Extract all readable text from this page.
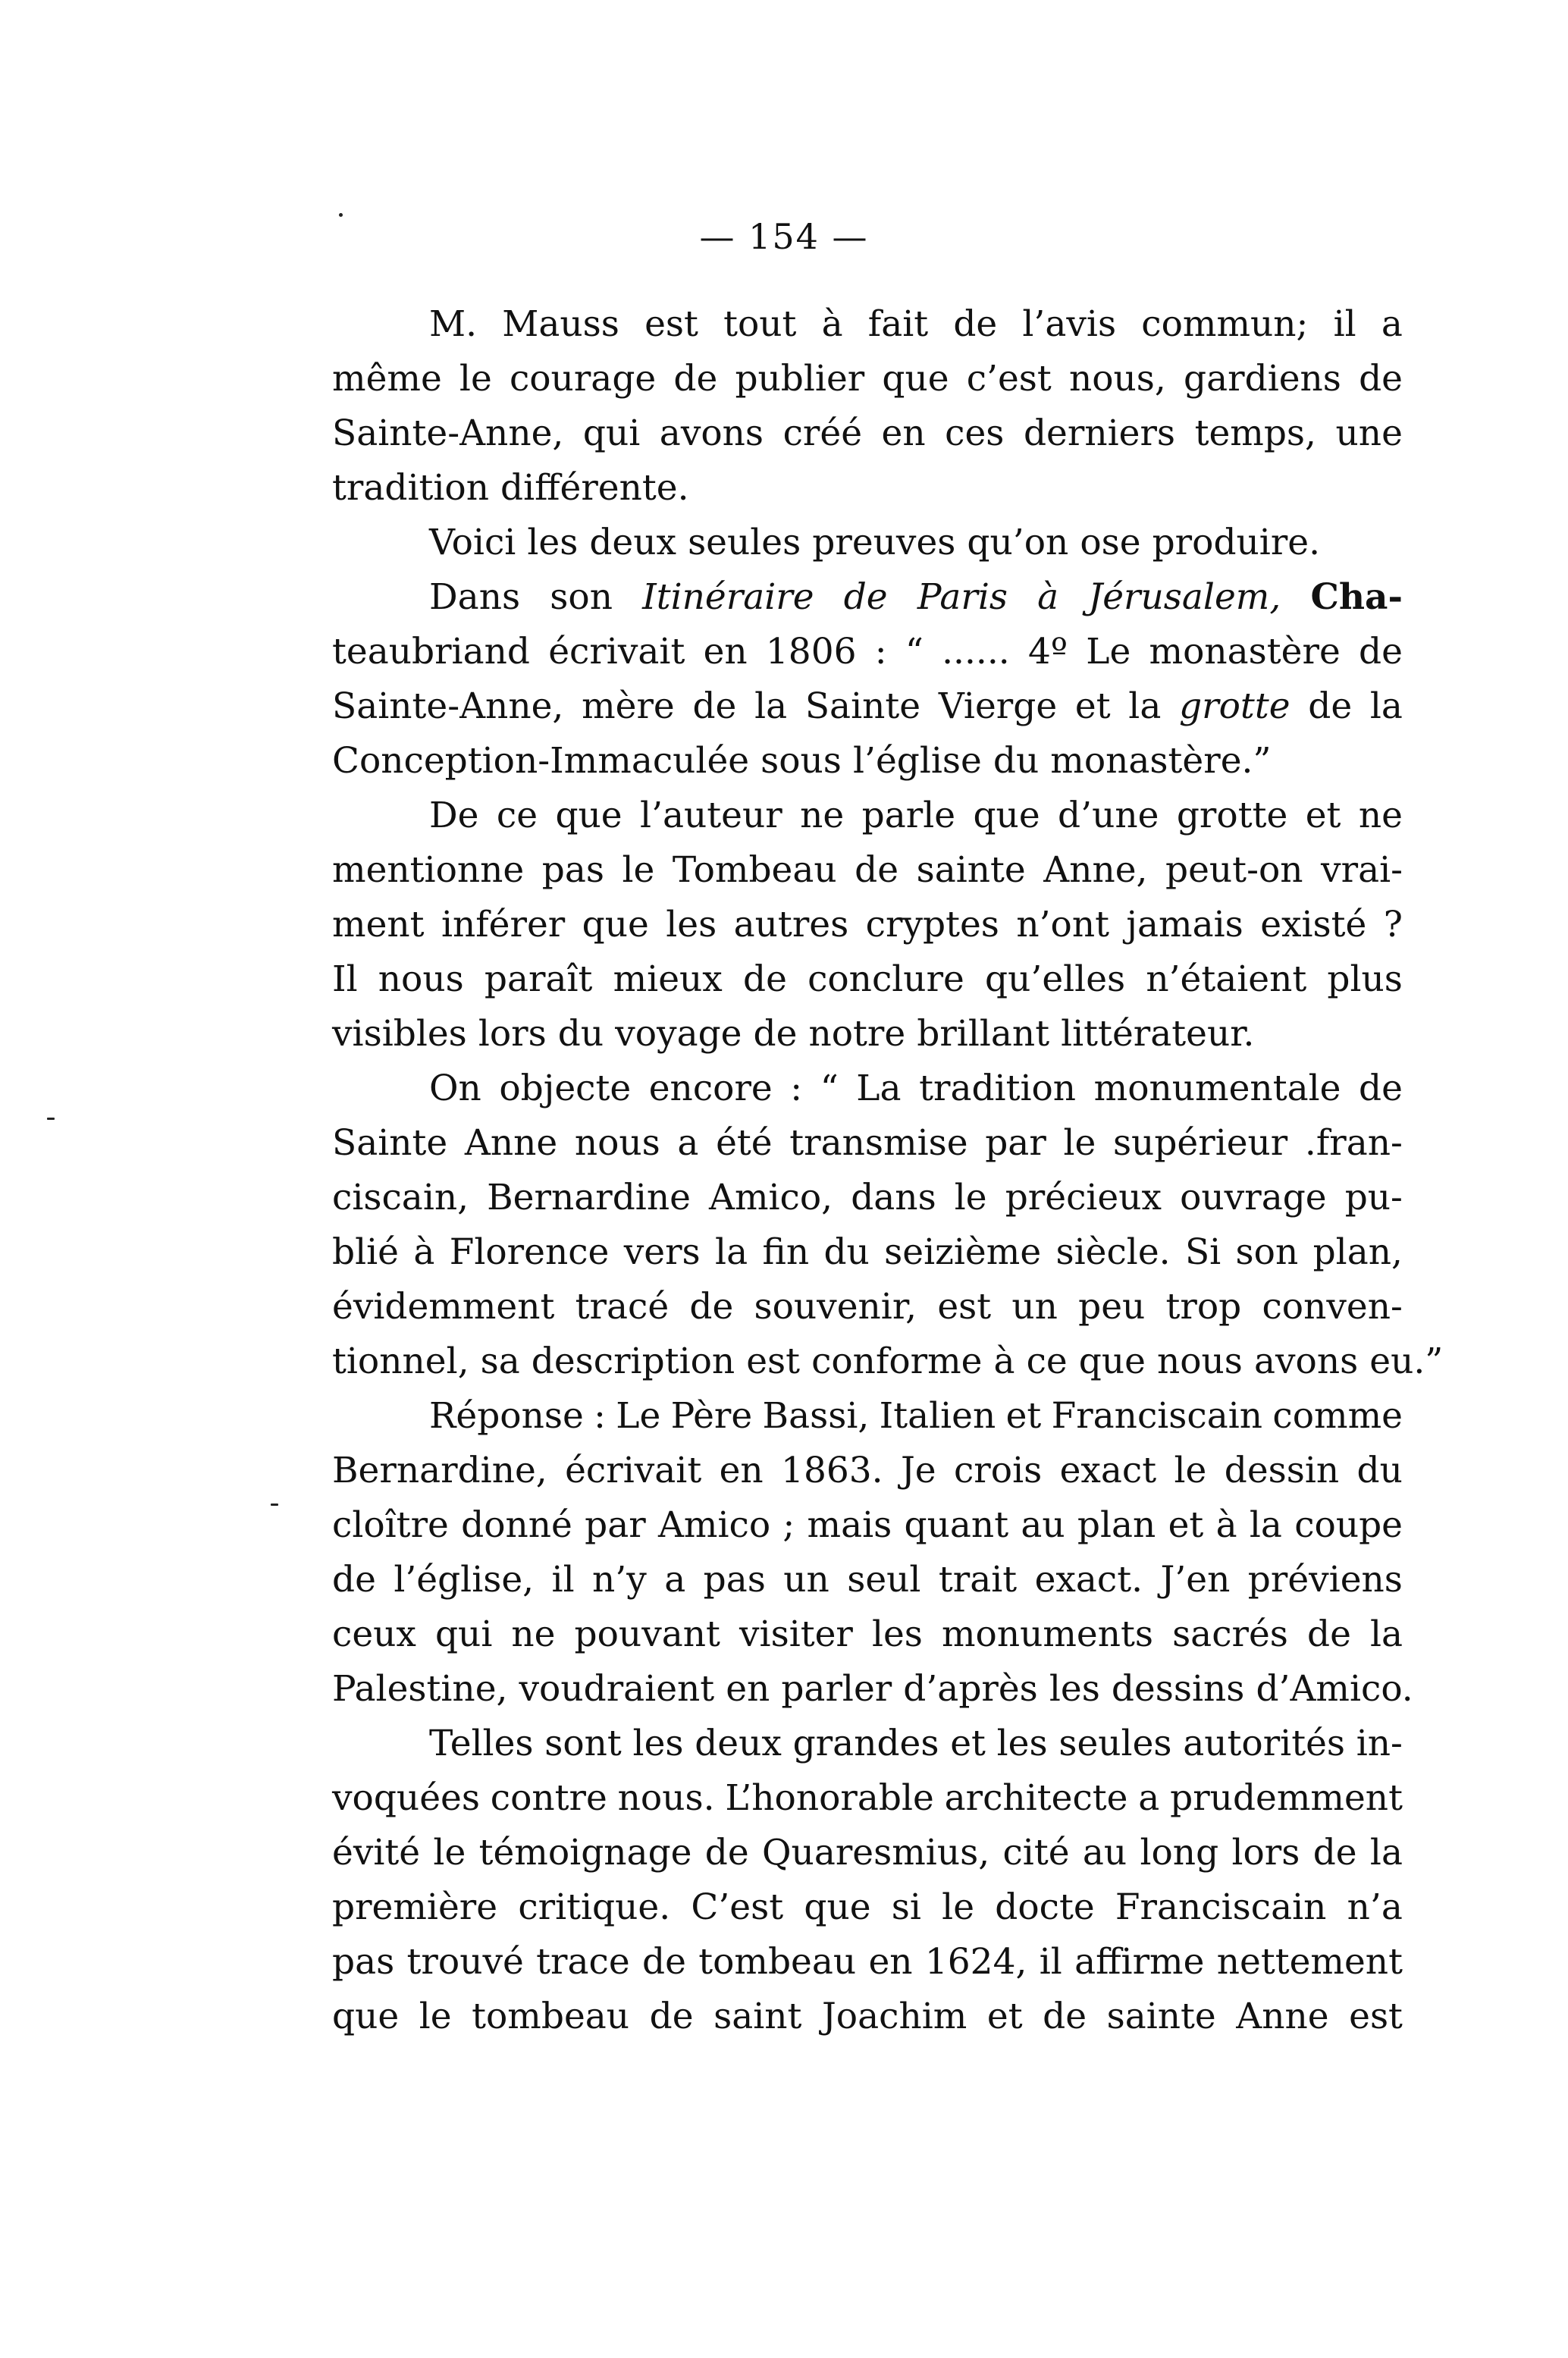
— 154 —
M. Mauss est tout à fait de l’avis commun; il a
même le courage de publier que c’est nous, gardiens de
Sainte-Anne, qui avons créé en ces derniers temps, une
tradition différente.
Voici les deux seules preuves qu’on ose produire.
Dans son Itinéraire de Paris à Jérusalem, Cha-
teaubriand écrivait en 1806 : “ ...... 4º Le monastère de
Sainte-Anne, mère de la Sainte Vierge et la grotte de la
Conception-Immaculée sous l’église du monastère.”
De ce que l’auteur ne parle que d’une grotte et ne
mentionne pas le Tombeau de sainte Anne, peut-on vrai-
ment inférer que les autres cryptes n’ont jamais existé ?
Il nous paraît mieux de conclure qu’elles n’étaient plus
visibles lors du voyage de notre brillant littérateur.
On objecte encore : “ La tradition monumentale de
Sainte Anne nous a été transmise par le supérieur .fran-
ciscain, Bernardine Amico, dans le précieux ouvrage pu-
blié à Florence vers la fin du seizième siècle. Si son plan,
évidemment tracé de souvenir, est un peu trop conven-
tionnel, sa description est conforme à ce que nous avons eu.”
Réponse : Le Père Bassi, Italien et Franciscain comme
Bernardine, écrivait en 1863. Je crois exact le dessin du
cloître donné par Amico ; mais quant au plan et à la coupe
de l’église, il n’y a pas un seul trait exact. J’en préviens
ceux qui ne pouvant visiter les monuments sacrés de la
Palestine, voudraient en parler d’après les dessins d’Amico.
Telles sont les deux grandes et les seules autorités in-
voquées contre nous. L’honorable architecte a prudemment
évité le témoignage de Quaresmius, cité au long lors de la
première critique. C’est que si le docte Franciscain n’a
pas trouvé trace de tombeau en 1624, il affirme nettement
que le tombeau de saint Joachim et de sainte Anne est
